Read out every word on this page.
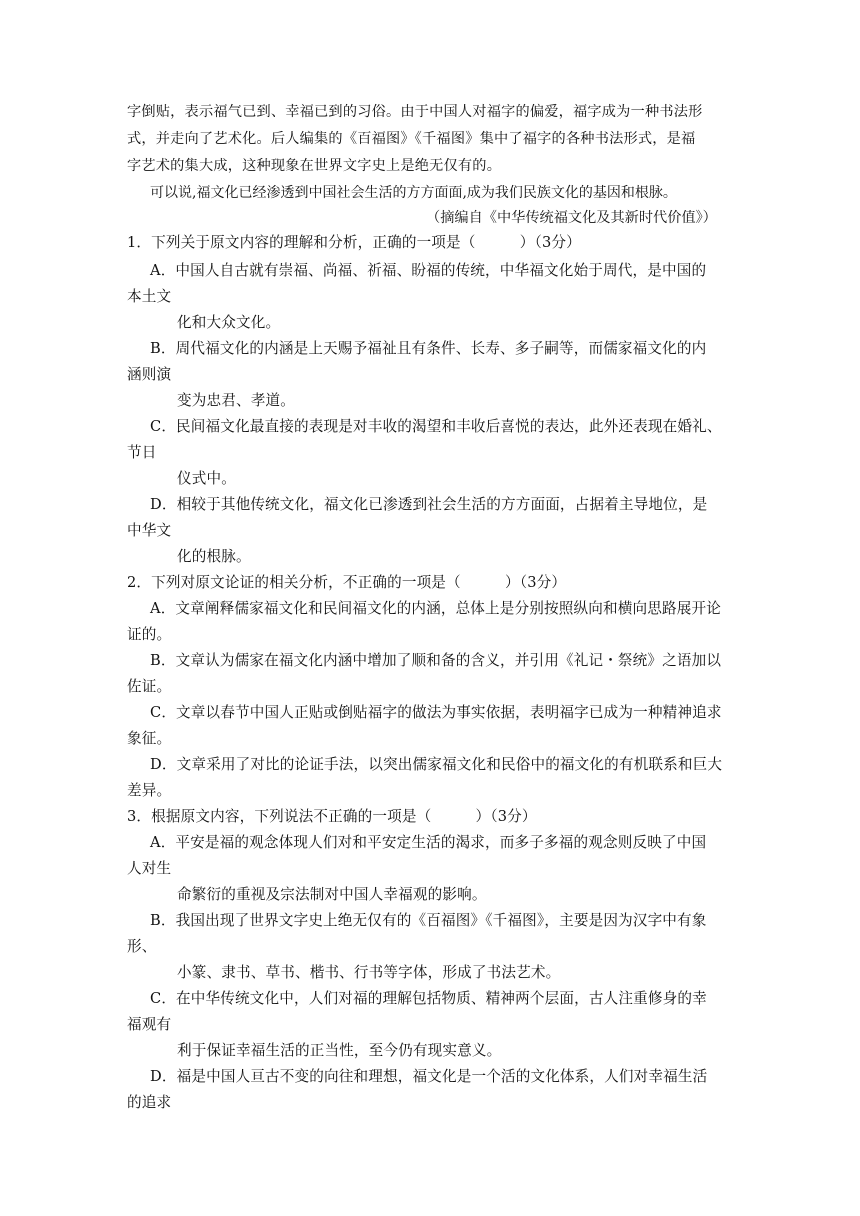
字倒贴，表示福气已到、幸福已到的习俗。由于中国人对福字的偏爱，福字成为一种书法形
式，并走向了艺术化。后人编集的《百福图》《千福图》集中了福字的各种书法形式，是福
字艺术的集大成，这种现象在世界文字史上是绝无仅有的。
可以说,福文化已经渗透到中国社会生活的方方面面,成为我们民族文化的基因和根脉。
（摘编自《中华传统福文化及其新时代价值》）
1．下列关于原文内容的理解和分析，正确的一项是（　　　）（3分）
A．中国人自古就有崇福、尚福、祈福、盼福的传统，中华福文化始于周代，是中国的
本土文
化和大众文化。
B．周代福文化的内涵是上天赐予福祉且有条件、长寿、多子嗣等，而儒家福文化的内
涵则演
变为忠君、孝道。
C．民间福文化最直接的表现是对丰收的渴望和丰收后喜悦的表达，此外还表现在婚礼、
节日
仪式中。
D．相较于其他传统文化，福文化已渗透到社会生活的方方面面，占据着主导地位，是
中华文
化的根脉。
2．下列对原文论证的相关分析，不正确的一项是（　　　）（3分）
A．文章阐释儒家福文化和民间福文化的内涵，总体上是分别按照纵向和横向思路展开论
证的。
B．文章认为儒家在福文化内涵中增加了顺和备的含义，并引用《礼记・祭统》之语加以
佐证。
C．文章以春节中国人正贴或倒贴福字的做法为事实依据，表明福字已成为一种精神追求
象征。
D．文章采用了对比的论证手法，以突出儒家福文化和民俗中的福文化的有机联系和巨大
差异。
3．根据原文内容，下列说法不正确的一项是（　　　）（3分）
A．平安是福的观念体现人们对和平安定生活的渴求，而多子多福的观念则反映了中国
人对生
命繁衍的重视及宗法制对中国人幸福观的影响。
B．我国出现了世界文字史上绝无仅有的《百福图》《千福图》，主要是因为汉字中有象
形、
小篆、隶书、草书、楷书、行书等字体，形成了书法艺术。
C．在中华传统文化中，人们对福的理解包括物质、精神两个层面，古人注重修身的幸
福观有
利于保证幸福生活的正当性，至今仍有现实意义。
D．福是中国人亘古不变的向往和理想，福文化是一个活的文化体系，人们对幸福生活
的追求
